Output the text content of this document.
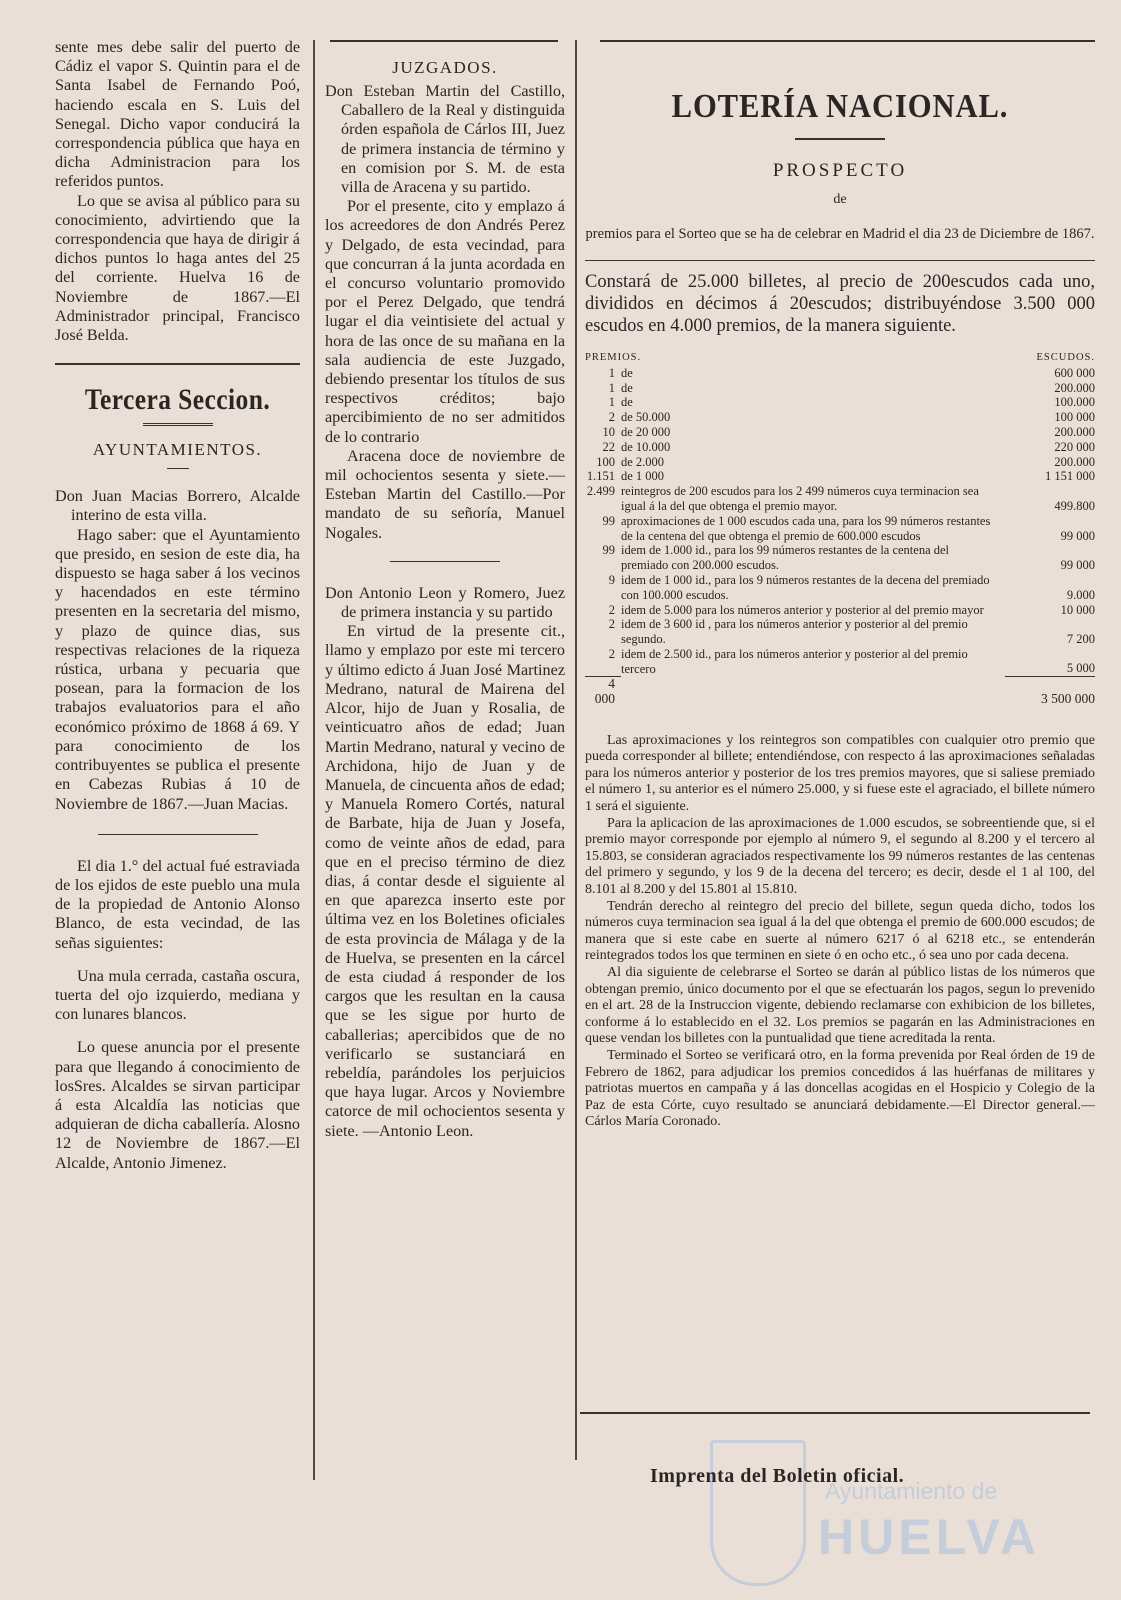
sente mes debe salir del puerto de Cádiz el vapor S. Quintin para el de Santa Isabel de Fernando Poó, haciendo escala en S. Luis del Senegal. Dicho vapor conducirá la correspondencia pública que haya en dicha Administracion para los referidos puntos.

Lo que se avisa al público para su conocimiento, advirtiendo que la correspondencia que haya de dirigir á dichos puntos lo haga antes del 25 del corriente. Huelva 16 de Noviembre de 1867.—El Administrador principal, Francisco José Belda.

Tercera Seccion.
AYUNTAMIENTOS.

Don Juan Macias Borrero, Alcalde interino de esta villa.

Hago saber: que el Ayuntamiento que presido, en sesion de este dia, ha dispuesto se haga saber á los vecinos y hacendados en este término presenten en la secretaria del mismo, y plazo de quince dias, sus respectivas relaciones de la riqueza rústica, urbana y pecuaria que posean, para la formacion de los trabajos evaluatorios para el año económico próximo de 1868 á 69. Y para conocimiento de los contribuyentes se publica el presente en Cabezas Rubias á 10 de Noviembre de 1867.—Juan Macias.

El dia 1.° del actual fué estraviada de los ejidos de este pueblo una mula de la propiedad de Antonio Alonso Blanco, de esta vecindad, de las señas siguientes:

Una mula cerrada, castaña oscura, tuerta del ojo izquierdo, mediana y con lunares blancos.

Lo quese anuncia por el presente para que llegando á conocimiento de losSres. Alcaldes se sirvan participar á esta Alcaldía las noticias que adquieran de dicha caballería. Alosno 12 de Noviembre de 1867.—El Alcalde, Antonio Jimenez.

JUZGADOS.

Don Esteban Martin del Castillo, Caballero de la Real y distinguida órden española de Cárlos III, Juez de primera instancia de término y en comision por S. M. de esta villa de Aracena y su partido.

Por el presente, cito y emplazo á los acreedores de don Andrés Perez y Delgado, de esta vecindad, para que concurran á la junta acordada en el concurso voluntario promovido por el Perez Delgado, que tendrá lugar el dia veintisiete del actual y hora de las once de su mañana en la sala audiencia de este Juzgado, debiendo presentar los títulos de sus respectivos créditos; bajo apercibimiento de no ser admitidos de lo contrario

Aracena doce de noviembre de mil ochocientos sesenta y siete.—Esteban Martin del Castillo.—Por mandato de su señoría, Manuel Nogales.

Don Antonio Leon y Romero, Juez de primera instancia y su partido

En virtud de la presente cit., llamo y emplazo por este mi tercero y último edicto á Juan José Martinez Medrano, natural de Mairena del Alcor, hijo de Juan y Rosalia, de veinticuatro años de edad; Juan Martin Medrano, natural y vecino de Archidona, hijo de Juan y de Manuela, de cincuenta años de edad; y Manuela Romero Cortés, natural de Barbate, hija de Juan y Josefa, como de veinte años de edad, para que en el preciso término de diez dias, á contar desde el siguiente al en que aparezca inserto este por última vez en los Boletines oficiales de esta provincia de Málaga y de la de Huelva, se presenten en la cárcel de esta ciudad á responder de los cargos que les resultan en la causa que se les sigue por hurto de caballerias; apercibidos que de no verificarlo se sustanciará en rebeldía, parándoles los perjuicios que haya lugar. Arcos y Noviembre catorce de mil ochocientos sesenta y siete. —Antonio Leon.

LOTERÍA NACIONAL.
PROSPECTO
de

premios para el Sorteo que se ha de celebrar en Madrid el dia 23 de Diciembre de 1867.

Constará de 25.000 billetes, al precio de 200escudos cada uno, divididos en décimos á 20escudos; distribuyéndose 3.500 000 escudos en 4.000 premios, de la manera siguiente.

PREMIOS.		ESCUDOS.
1	de	600 000
1	de	200.000
1	de	100.000
2	de 50.000	100 000
10	de 20 000	200.000
22	de 10.000	220 000
100	de 2.000	200.000
1.151	de 1 000	1 151 000
2.499	reintegros de 200 escudos para los 2 499 números cuya terminacion sea igual á la del que obtenga el premio mayor.	499.800
99	aproximaciones de 1 000 escudos cada una, para los 99 números restantes de la centena del que obtenga el premio de 600.000 escudos	99 000
99	idem de 1.000 id., para los 99 números restantes de la centena del premiado con 200.000 escudos.	99 000
9	idem de 1 000 id., para los 9 números restantes de la decena del premiado con 100.000 escudos.	9.000
2	idem de 5.000 para los números anterior y posterior al del premio mayor	10 000
2	idem de 3 600 id , para los números anterior y posterior al del premio segundo.	7 200
2	idem de 2.500 id., para los números anterior y posterior al del premio tercero	5 000
4 000		3 500 000

Las aproximaciones y los reintegros son compatibles con cualquier otro premio que pueda corresponder al billete; entendiéndose, con respecto á las aproximaciones señaladas para los números anterior y posterior de los tres premios mayores, que si saliese premiado el número 1, su anterior es el número 25.000, y si fuese este el agraciado, el billete número 1 será el siguiente.

Para la aplicacion de las aproximaciones de 1.000 escudos, se sobreentiende que, si el premio mayor corresponde por ejemplo al número 9, el segundo al 8.200 y el tercero al 15.803, se consideran agraciados respectivamente los 99 números restantes de las centenas del primero y segundo, y los 9 de la decena del tercero; es decir, desde el 1 al 100, del 8.101 al 8.200 y del 15.801 al 15.810.

Tendrán derecho al reintegro del precio del billete, segun queda dicho, todos los números cuya terminacion sea igual á la del que obtenga el premio de 600.000 escudos; de manera que si este cabe en suerte al número 6217 ó al 6218 etc., se entenderán reintegrados todos los que terminen en siete ó en ocho etc., ó sea uno por cada decena.

Al dia siguiente de celebrarse el Sorteo se darán al público listas de los números que obtengan premio, único documento por el que se efectuarán los pagos, segun lo prevenido en el art. 28 de la Instruccion vigente, debiendo reclamarse con exhibicion de los billetes, conforme á lo establecido en el 32. Los premios se pagarán en las Administraciones en quese vendan los billetes con la puntualidad que tiene acreditada la renta.

Terminado el Sorteo se verificará otro, en la forma prevenida por Real órden de 19 de Febrero de 1862, para adjudicar los premios concedidos á las huérfanas de militares y patriotas muertos en campaña y á las doncellas acogidas en el Hospicio y Colegio de la Paz de esta Córte, cuyo resultado se anunciará debidamente.—El Director general.—Cárlos María Coronado.

Ayuntamiento de
HUELVA
Imprenta del Boletin oficial.
